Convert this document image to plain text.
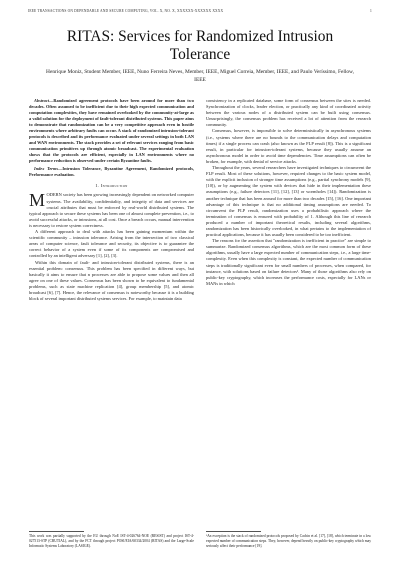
IEEE TRANSACTIONS ON DEPENDABLE AND SECURE COMPUTING, VOL. X, NO. X, XXXXXX-XXXXXX XXXX	1
RITAS: Services for Randomized Intrusion Tolerance
Henrique Moniz, Student Member, IEEE, Nuno Ferreira Neves, Member, IEEE, Miguel Correia, Member, IEEE, and Paulo Veríssimo, Fellow, IEEE

Abstract—Randomized agreement protocols have been around for more than two decades. Often assumed to be inefficient due to their high expected communication and computation complexities, they have remained overlooked by the community-at-large as a valid solution for the deployment of fault-tolerant distributed systems. This paper aims to demonstrate that randomization can be a very competitive approach even in hostile environments where arbitrary faults can occur. A stack of randomized intrusion-tolerant protocols is described and its performance evaluated under several settings in both LAN and WAN environments. The stack provides a set of relevant services ranging from basic communication primitives up through atomic broadcast. The experimental evaluation shows that the protocols are efficient, especially in LAN environments where no performance reduction is observed under certain Byzantine faults.

Index Terms—Intrusion Tolerance, Byzantine Agreement, Randomized protocols, Performance evaluation.

1. Introduction

MODERN society has been growing increasingly dependent on networked computer systems. The availability, confidentiality, and integrity of data and services are crucial attributes that must be enforced by real-world distributed systems. The typical approach to secure these systems has been one of almost complete prevention, i.e., to avoid successful attacks, or intrusions, at all cost. Once a breach occurs, manual intervention is necessary to restore system correctness.

A different approach to deal with attacks has been gaining momentum within the scientific community – intrusion tolerance. Arising from the intersection of two classical areas of computer science, fault tolerance and security, its objective is to guarantee the correct behavior of a system even if some of its components are compromised and controlled by an intelligent adversary [1], [2], [3].

Within this domain of fault- and intrusion-tolerant distributed systems, there is an essential problem: consensus. This problem has been specified in different ways, but basically it aims to ensure that n processes are able to propose some values and then all agree on one of these values. Consensus has been shown to be equivalent to fundamental problems, such as state machine replication [4], group membership [5], and atomic broadcast [6], [7]. Hence, the relevance of consensus is noteworthy because it is a building block of several important distributed systems services. For example, to maintain data

consistency in a replicated database, some form of consensus between the sites is needed. Synchronization of clocks, leader election, or practically any kind of coordinated activity between the various nodes of a distributed system can be built using consensus. Unsurprisingly, the consensus problem has received a lot of attention from the research community.

Consensus, however, is impossible to solve deterministically in asynchronous systems (i.e., systems where there are no bounds to the communication delays and computation times) if a single process can crash (also known as the FLP result [8]). This is a significant result, in particular for intrusion-tolerant systems, because they usually assume an asynchronous model in order to avoid time dependencies. Time assumptions can often be broken, for example, with denial of service attacks.

Throughout the years, several researchers have investigated techniques to circumvent the FLP result. Most of these solutions, however, required changes to the basic system model, with the explicit inclusion of stronger time assumptions (e.g., partial synchrony models [9], [10]), or by augmenting the system with devices that hide in their implementation these assumptions (e.g., failure detectors [11], [12], [13] or wormholes [14]). Randomization is another technique that has been around for more than two decades [15], [16]. One important advantage of this technique is that no additional timing assumptions are needed. To circumvent the FLP result, randomization uses a probabilistic approach where the termination of consensus is ensured with probability of 1. Although this line of research produced a number of important theoretical results, including several algorithms, randomization has been historically overlooked, in what pertains to the implementation of practical applications, because it has usually been considered to be too inefficient.

The reasons for the assertion that "randomization is inefficient in practice" are simple to summarize. Randomized consensus algorithms, which are the most common form of these algorithms, usually have a large expected number of communication steps, i.e., a large time-complexity. Even when this complexity is constant, the expected number of communication steps is traditionally significant even for small numbers of processes, when compared, for instance, with solutions based on failure detectors¹. Many of those algorithms also rely on public-key cryptography, which increases the performance costs, especially for LANs or MANs in which

This work was partially supported by the EU through NoE IST-4-026764-NOE (RESIST) and project IST-4-027513-STP (CRUTIAL), and by the FCT through project POSI/EIA/60334/2004 (RITAS) and the Large-Scale Informatic Systems Laboratory (LASIGE).

¹An exception is the stack of randomized protocols proposed by Cachin et al. [17], [18], which terminate in a low expected number of communication steps. They, however, depend heavily on public-key cryptography which may seriously affect their performance [19].
